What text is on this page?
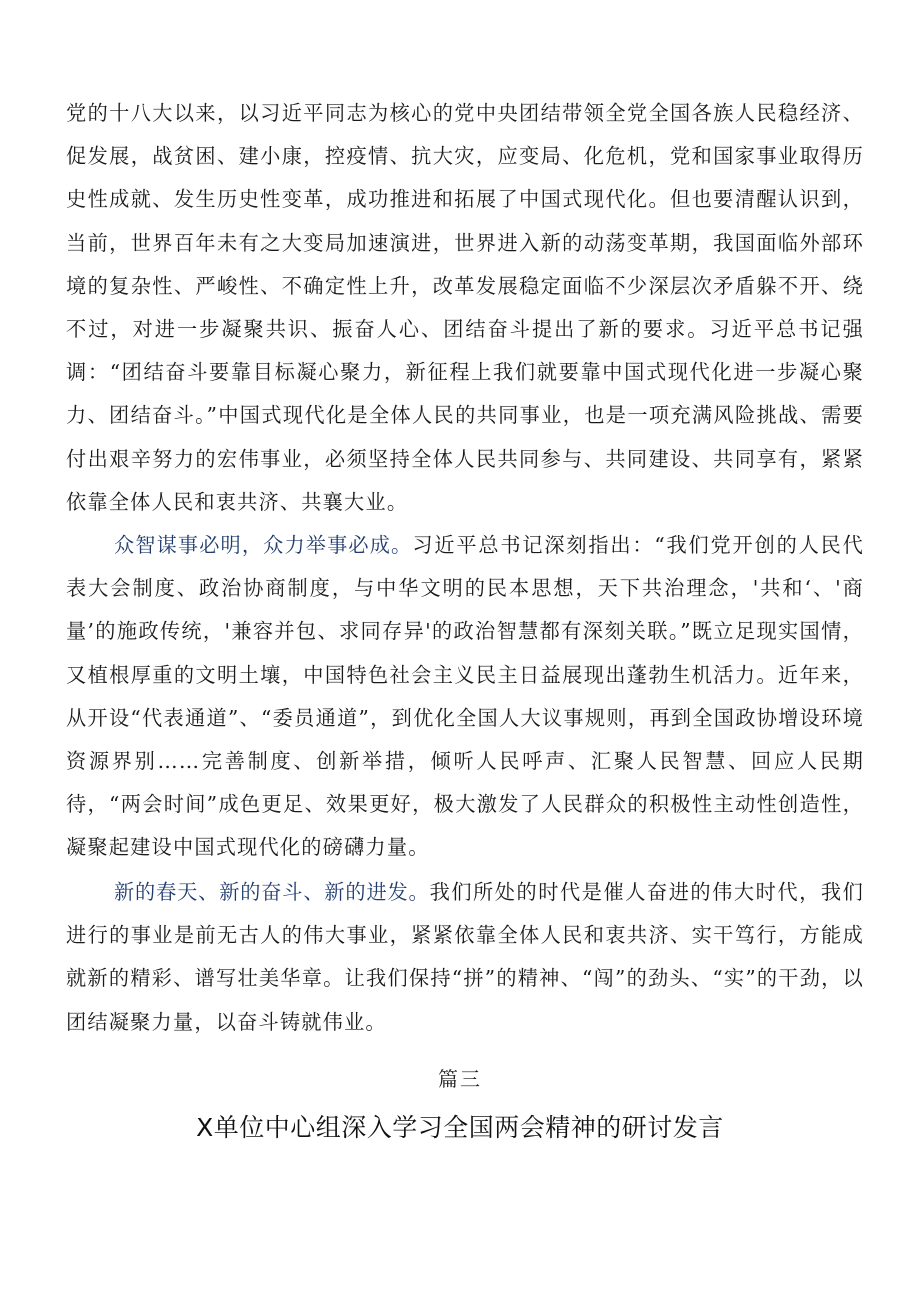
党的十八大以来，以习近平同志为核心的党中央团结带领全党全国各族人民稳经济、促发展，战贫困、建小康，控疫情、抗大灾，应变局、化危机，党和国家事业取得历史性成就、发生历史性变革，成功推进和拓展了中国式现代化。但也要清醒认识到，当前，世界百年未有之大变局加速演进，世界进入新的动荡变革期，我国面临外部环境的复杂性、严峻性、不确定性上升，改革发展稳定面临不少深层次矛盾躲不开、绕不过，对进一步凝聚共识、振奋人心、团结奋斗提出了新的要求。习近平总书记强调：“团结奋斗要靠目标凝心聚力，新征程上我们就要靠中国式现代化进一步凝心聚力、团结奋斗。”中国式现代化是全体人民的共同事业，也是一项充满风险挑战、需要付出艰辛努力的宏伟事业，必须坚持全体人民共同参与、共同建设、共同享有，紧紧依靠全体人民和衷共济、共襄大业。

众智谋事必明，众力举事必成。习近平总书记深刻指出：“我们党开创的人民代表大会制度、政治协商制度，与中华文明的民本思想，天下共治理念，'共和‘、'商量’的施政传统，'兼容并包、求同存异'的政治智慧都有深刻关联。”既立足现实国情，又植根厚重的文明土壤，中国特色社会主义民主日益展现出蓬勃生机活力。近年来，从开设“代表通道”、“委员通道”，到优化全国人大议事规则，再到全国政协增设环境资源界别……完善制度、创新举措，倾听人民呼声、汇聚人民智慧、回应人民期待，“两会时间”成色更足、效果更好，极大激发了人民群众的积极性主动性创造性，凝聚起建设中国式现代化的磅礴力量。

新的春天、新的奋斗、新的进发。我们所处的时代是催人奋进的伟大时代，我们进行的事业是前无古人的伟大事业，紧紧依靠全体人民和衷共济、实干笃行，方能成就新的精彩、谱写壮美华章。让我们保持“拼”的精神、“闯”的劲头、“实”的干劲，以团结凝聚力量，以奋斗铸就伟业。

篇三
X单位中心组深入学习全国两会精神的研讨发言
